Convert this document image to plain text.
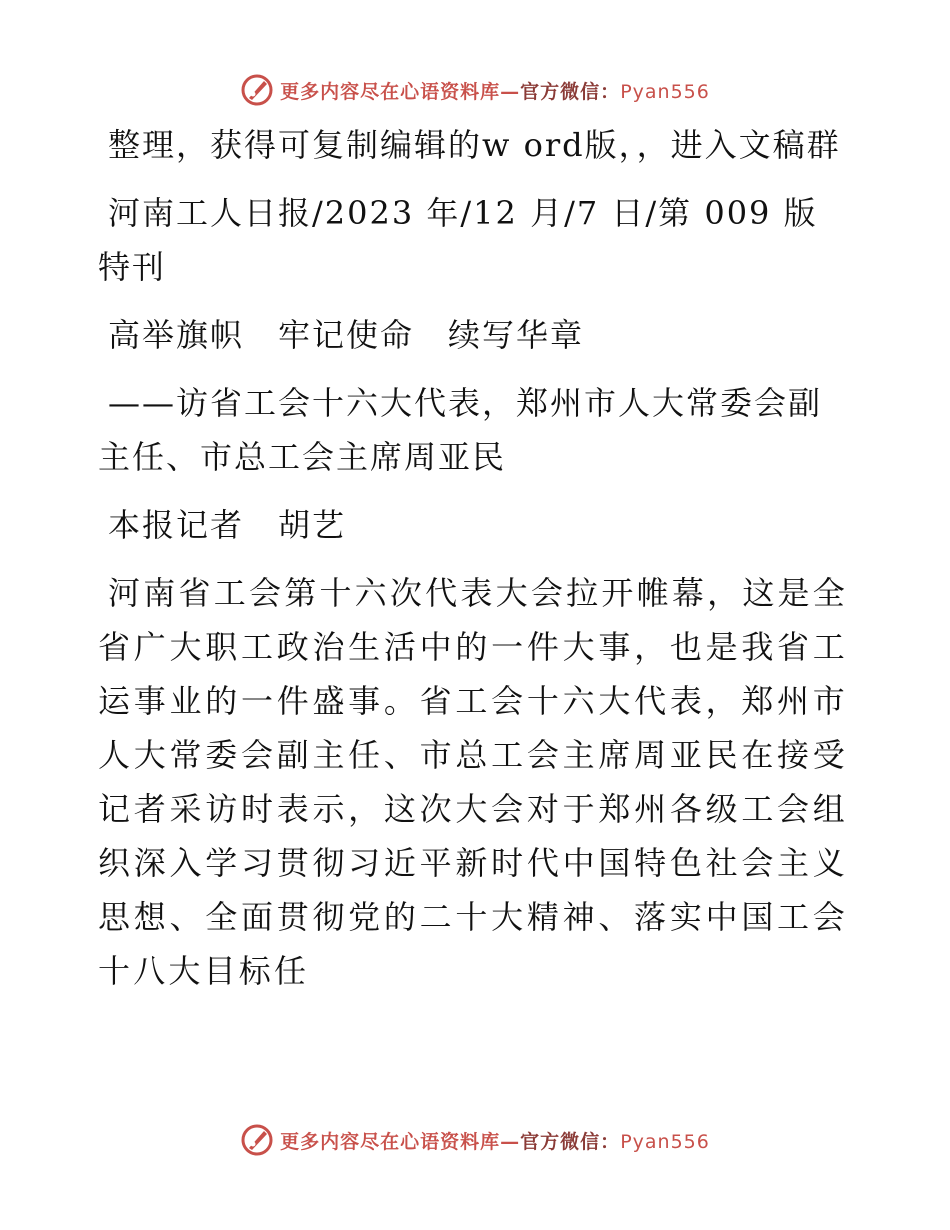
更多内容尽在心语资料库—官方微信：Pyan556

整理，获得可复制编辑的w ord版，，进入文稿群

河南工人日报/2023 年/12 月/7 日/第 009 版特刊

高举旗帜　牢记使命　续写华章

——访省工会十六大代表，郑州市人大常委会副主任、市总工会主席周亚民

本报记者　胡艺

河南省工会第十六次代表大会拉开帷幕，这是全省广大职工政治生活中的一件大事，也是我省工运事业的一件盛事。省工会十六大代表，郑州市人大常委会副主任、市总工会主席周亚民在接受记者采访时表示，这次大会对于郑州各级工会组织深入学习贯彻习近平新时代中国特色社会主义思想、全面贯彻党的二十大精神、落实中国工会十八大目标任

更多内容尽在心语资料库—官方微信：Pyan556
